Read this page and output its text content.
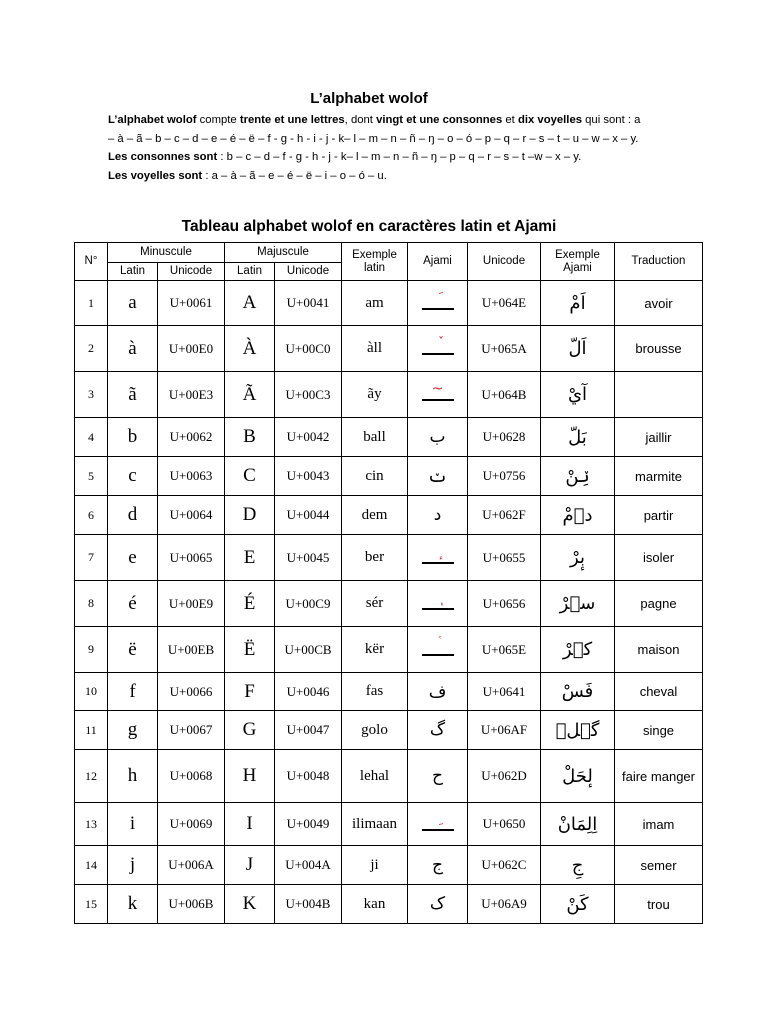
L’alphabet wolof
L’alphabet wolof compte trente et une lettres, dont vingt et une consonnes et dix voyelles qui sont : a – à – ã – b – c – d – e – é – ë – f - g - h - i - j - k– l – m – n – ñ – ŋ – o – ó – p – q – r – s – t – u – w – x – y.
Les consonnes sont : b – c – d – f - g - h - j - k– l – m – n – ñ – ŋ – p – q – r – s – t –w – x – y.
Les voyelles sont : a – à – ã – e – é – ë – i – o – ó – u.
Tableau alphabet wolof en caractères latin et Ajami
N°	Minuscule		Majuscule		Exemple latin	Ajami	Unicode	Exemple Ajami	Traduction
	Latin	Unicode	Latin	Unicode					
1	a	U+0061	A	U+0041	am		U+064E	اَمْ	avoir
2	à	U+00E0	À	U+00C0	àll		U+065A	اَلّ	brousse
3	ã	U+00E3	Ã	U+00C3	ãy	~	U+064B	آيْ	
4	b	U+0062	B	U+0042	ball	ب	U+0628	بَلّ	jaillir
5	c	U+0063	C	U+0043	cin	ݖ	U+0756	ݖِنْ	marmite
6	d	U+0064	D	U+0044	dem	د	U+062F	دٜمْ	partir
7	e	U+0065	E	U+0045	ber		U+0655	بٕرْ	isoler
8	é	U+00E9	É	U+00C9	sér		U+0656	سٖرْ	pagne
9	ë	U+00EB	Ë	U+00CB	kër		U+065E	كٞرْ	maison
10	f	U+0066	F	U+0046	fas	ف	U+0641	فَسْ	cheval
11	g	U+0067	G	U+0047	golo	گ	U+06AF	گٝلٝ	singe
12	h	U+0068	H	U+0048	lehal	ح	U+062D	لٕحَلْ	faire manger
13	i	U+0069	I	U+0049	ilimaan		U+0650	اِلِمَانْ	imam
14	j	U+006A	J	U+004A	ji	ج	U+062C	جِ	semer
15	k	U+006B	K	U+004B	kan	ک	U+06A9	کَنْ	trou
